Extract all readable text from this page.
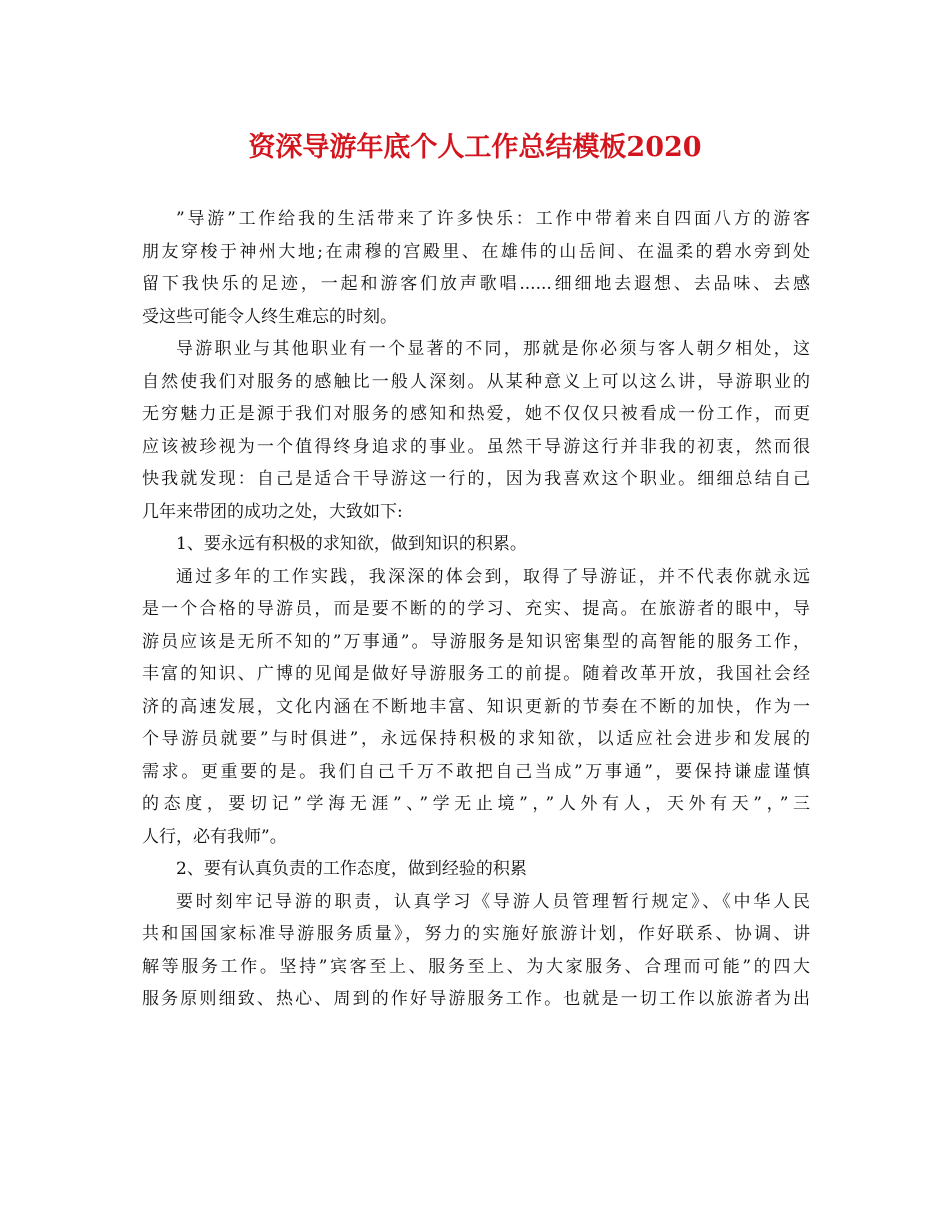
资深导游年底个人工作总结模板2020
”导游”工作给我的生活带来了许多快乐：工作中带着来自四面八方的游客
朋友穿梭于神州大地;在肃穆的宫殿里、在雄伟的山岳间、在温柔的碧水旁到处
留下我快乐的足迹，一起和游客们放声歌唱......细细地去遐想、去品味、去感
受这些可能令人终生难忘的时刻。
导游职业与其他职业有一个显著的不同，那就是你必须与客人朝夕相处，这
自然使我们对服务的感触比一般人深刻。从某种意义上可以这么讲，导游职业的
无穷魅力正是源于我们对服务的感知和热爱，她不仅仅只被看成一份工作，而更
应该被珍视为一个值得终身追求的事业。虽然干导游这行并非我的初衷，然而很
快我就发现：自己是适合干导游这一行的，因为我喜欢这个职业。细细总结自己
几年来带团的成功之处，大致如下:
1、要永远有积极的求知欲，做到知识的积累。
通过多年的工作实践，我深深的体会到，取得了导游证，并不代表你就永远
是一个合格的导游员，而是要不断的的学习、充实、提高。在旅游者的眼中，导
游员应该是无所不知的”万事通”。导游服务是知识密集型的高智能的服务工作，
丰富的知识、广博的见闻是做好导游服务工的前提。随着改革开放，我国社会经
济的高速发展，文化内涵在不断地丰富、知识更新的节奏在不断的加快，作为一
个导游员就要”与时俱进”，永远保持积极的求知欲，以适应社会进步和发展的
需求。更重要的是。我们自己千万不敢把自己当成”万事通”，要保持谦虚谨慎
的态度，要切记”学海无涯”、”学无止境”，”人外有人，天外有天”，”三
人行，必有我师”。
2、要有认真负责的工作态度，做到经验的积累
要时刻牢记导游的职责，认真学习《导游人员管理暂行规定》、《中华人民
共和国国家标准导游服务质量》，努力的实施好旅游计划，作好联系、协调、讲
解等服务工作。坚持”宾客至上、服务至上、为大家服务、合理而可能”的四大
服务原则细致、热心、周到的作好导游服务工作。也就是一切工作以旅游者为出
